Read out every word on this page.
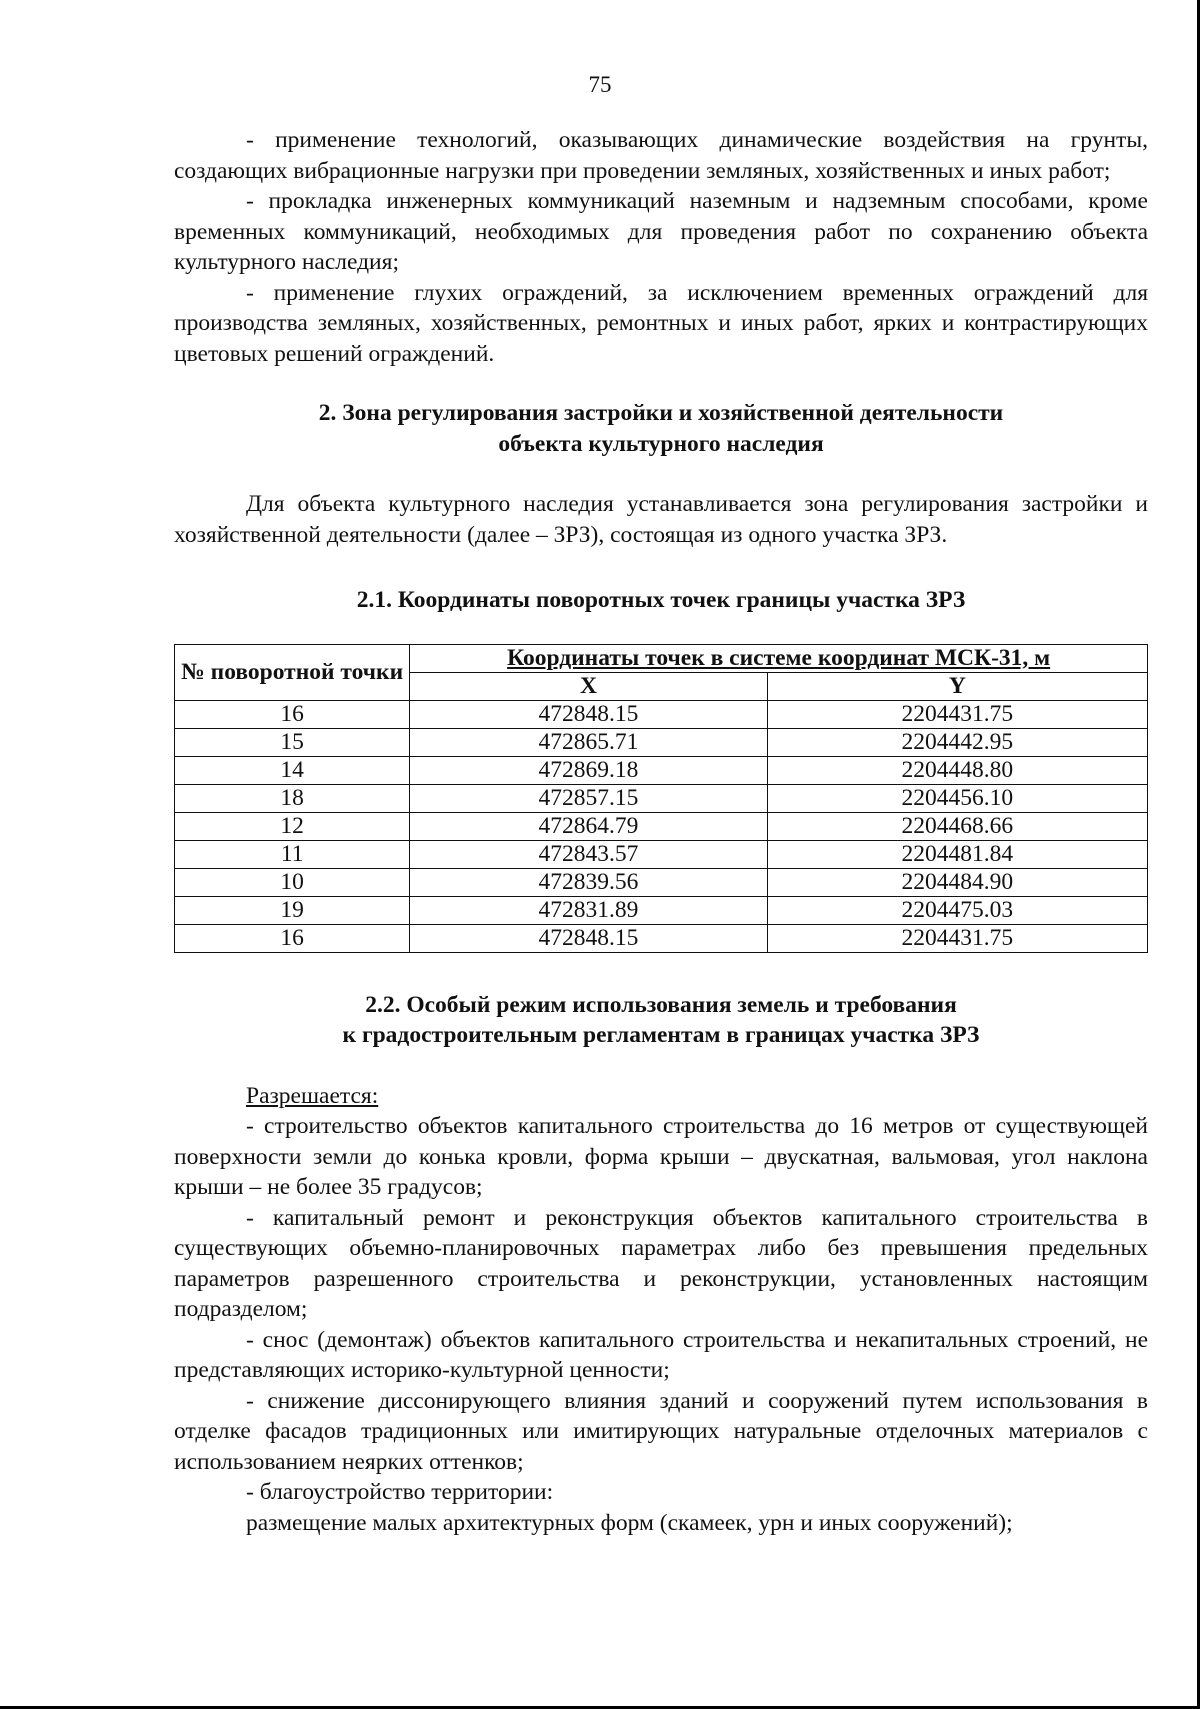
75

- применение технологий, оказывающих динамические воздействия на грунты, создающих вибрационные нагрузки при проведении земляных, хозяйственных и иных работ;

- прокладка инженерных коммуникаций наземным и надземным способами, кроме временных коммуникаций, необходимых для проведения работ по сохранению объекта культурного наследия;

- применение глухих ограждений, за исключением временных ограждений для производства земляных, хозяйственных, ремонтных и иных работ, ярких и контрастирующих цветовых решений ограждений.

2. Зона регулирования застройки и хозяйственной деятельности

объекта культурного наследия

Для объекта культурного наследия устанавливается зона регулирования застройки и хозяйственной деятельности (далее – ЗРЗ), состоящая из одного участка ЗРЗ.

2.1. Координаты поворотных точек границы участка ЗРЗ

№ поворотной точки	Координаты точек в системе координат МСК-31, м	
	X	Y
16	472848.15	2204431.75
15	472865.71	2204442.95
14	472869.18	2204448.80
18	472857.15	2204456.10
12	472864.79	2204468.66
11	472843.57	2204481.84
10	472839.56	2204484.90
19	472831.89	2204475.03
16	472848.15	2204431.75

2.2. Особый режим использования земель и требования

к градостроительным регламентам в границах участка ЗРЗ

Разрешается:

- строительство объектов капитального строительства до 16 метров от существующей поверхности земли до конька кровли, форма крыши – двускатная, вальмовая, угол наклона крыши – не более 35 градусов;

- капитальный ремонт и реконструкция объектов капитального строительства в существующих объемно-планировочных параметрах либо без превышения предельных параметров разрешенного строительства и реконструкции, установленных настоящим подразделом;

- снос (демонтаж) объектов капитального строительства и некапитальных строений, не представляющих историко-культурной ценности;

- снижение диссонирующего влияния зданий и сооружений путем использования в отделке фасадов традиционных или имитирующих натуральные отделочных материалов с использованием неярких оттенков;

- благоустройство территории:

размещение малых архитектурных форм (скамеек, урн и иных сооружений);
